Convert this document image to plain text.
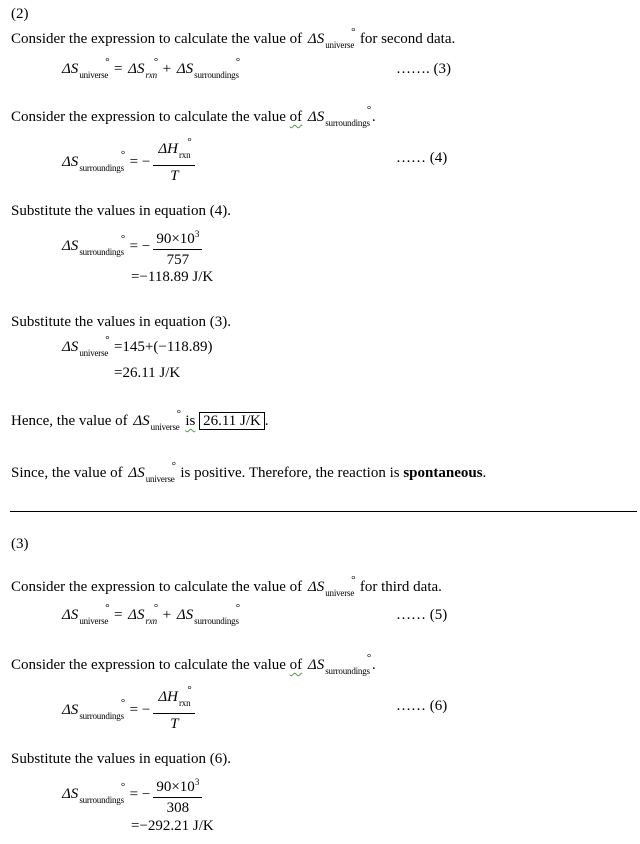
(2)
Consider the expression to calculate the value of ΔS °
universe for second data.
ΔS °
universe = ΔS °
rxn + ΔS	°
surroundings	……. (3)
Consider the expression to calculate the value of ΔS	°
surroundings .
ΔS	°
surroundings = − ΔH °
rxn
T	…… (4)
Substitute the values in equation (4).
ΔS	°
surroundings = − $\frac{90\times 10^3}{757}$
=−118.89 J/K
Substitute the values in equation (3).
ΔS °
universe =145+(−118.89)
=26.11 J/K
Hence, the value of ΔS °
universe is 26.11 J/K .
Since, the value of ΔS °
universe is positive. Therefore, the reaction is spontaneous.
(3)
Consider the expression to calculate the value of ΔS °
universe for third data.
ΔS °
universe = ΔS °
rxn + ΔS	°
surroundings	…… (5)
Consider the expression to calculate the value of ΔS	°
surroundings .
ΔS	°
surroundings = − ΔH °
rxn
T	…… (6)
Substitute the values in equation (6).
ΔS	°
surroundings = − $\frac{90\times 10^3}{308}$
=−292.21 J/K
